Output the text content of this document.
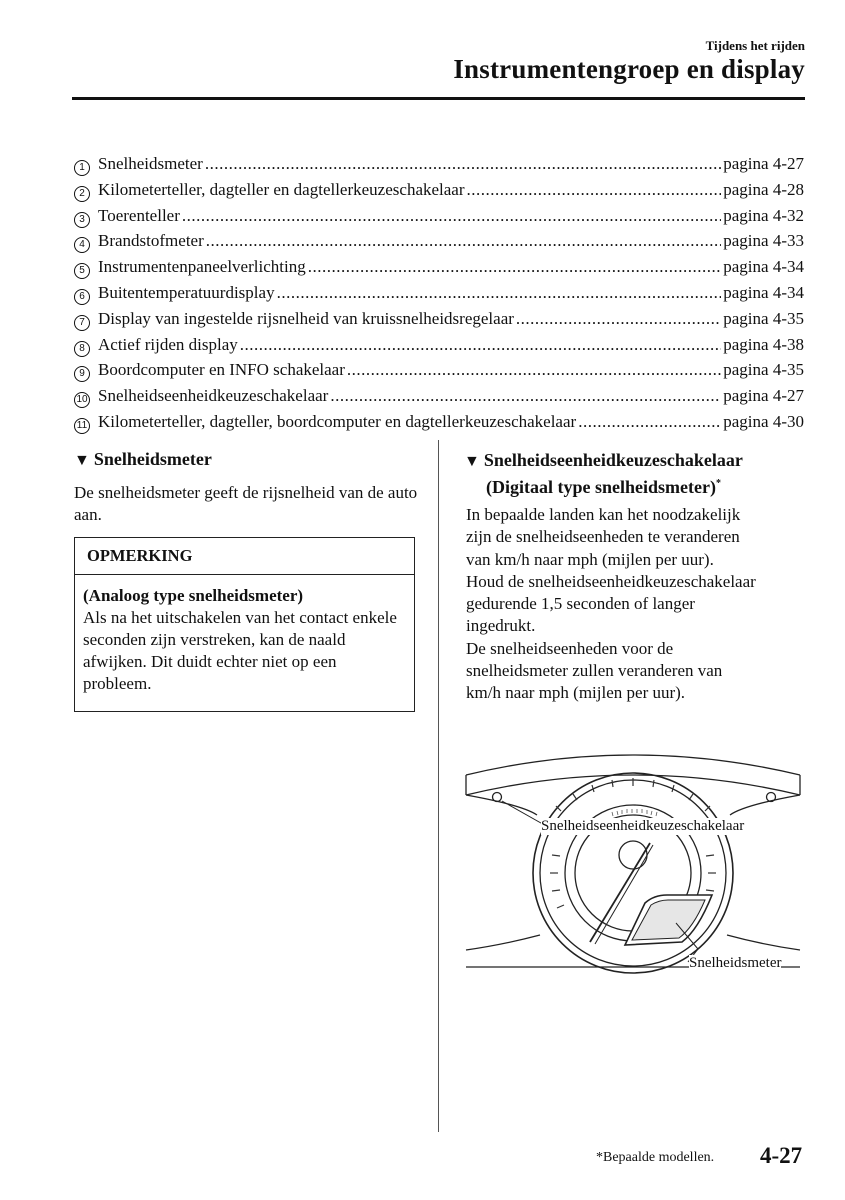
Tijdens het rijden
Instrumentengroep en display
1 Snelheidsmeter .....	pagina 4-27
2 Kilometerteller, dagteller en dagtellerkeuzeschakelaar .....	pagina 4-28
3 Toerenteller .....	pagina 4-32
4 Brandstofmeter .....	pagina 4-33
5 Instrumentenpaneelverlichting .....	pagina 4-34
6 Buitentemperatuurdisplay .....	pagina 4-34
7 Display van ingestelde rijsnelheid van kruissnelheidsregelaar .....	pagina 4-35
8 Actief rijden display .....	pagina 4-38
9 Boordcomputer en INFO schakelaar .....	pagina 4-35
10 Snelheidseenheidkeuzeschakelaar .....	pagina 4-27
11 Kilometerteller, dagteller, boordcomputer en dagtellerkeuzeschakelaar .....	pagina 4-30
▼ Snelheidsmeter
De snelheidsmeter geeft de rijsnelheid van de auto aan.
OPMERKING
(Analoog type snelheidsmeter)
Als na het uitschakelen van het contact enkele seconden zijn verstreken, kan de naald afwijken. Dit duidt echter niet op een probleem.
▼ Snelheidseenheidkeuzeschakelaar
(Digitaal type snelheidsmeter)*
In bepaalde landen kan het noodzakelijk
zijn de snelheidseenheden te veranderen
van km/h naar mph (mijlen per uur).
Houd de snelheidseenheidkeuzeschakelaar
gedurende 1,5 seconden of langer
ingedrukt.
De snelheidseenheden voor de
snelheidsmeter zullen veranderen van
km/h naar mph (mijlen per uur).
Snelheidseenheidkeuzeschakelaar
Snelheidsmeter
*Bepaalde modellen. 4-27
